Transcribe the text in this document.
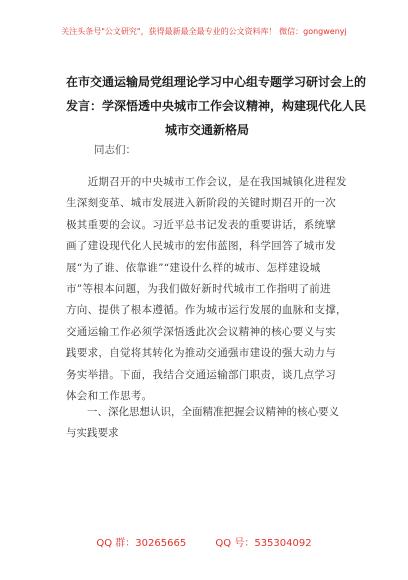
关注头条号"公文研究"，获得最新最全最专业的公文资料库！ 微信：gongwenyj
在市交通运输局党组理论学习中心组专题学习研讨会上的
发言：学深悟透中央城市工作会议精神，构建现代化人民
城市交通新格局
同志们：
　　近期召开的中央城市工作会议，是在我国城镇化进程发
生深刻变革、城市发展进入新阶段的关键时期召开的一次
极其重要的会议。习近平总书记发表的重要讲话，系统擘
画了建设现代化人民城市的宏伟蓝图，科学回答了城市发
展“为了谁、依靠谁”“建设什么样的城市、怎样建设城
市”等根本问题，为我们做好新时代城市工作指明了前进
方向、提供了根本遵循。作为城市运行发展的血脉和支撑，
交通运输工作必须学深悟透此次会议精神的核心要义与实
践要求，自觉将其转化为推动交通强市建设的强大动力与
务实举措。下面，我结合交通运输部门职责，谈几点学习
体会和工作思考。
　　一、深化思想认识，全面精准把握会议精神的核心要义
与实践要求
QQ 群：30265665	QQ 号：535304092
